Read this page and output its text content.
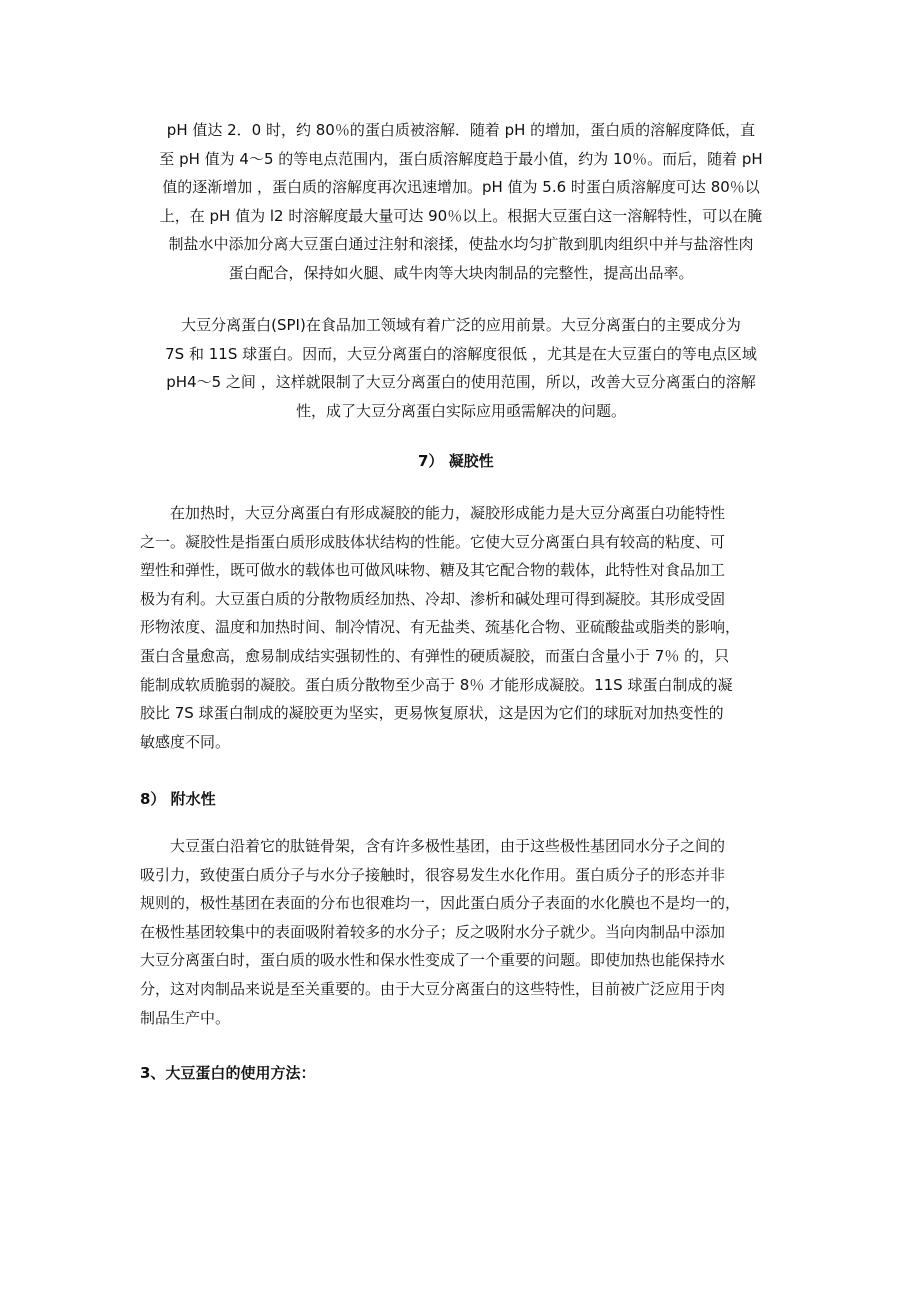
pH 值达 2．0 时，约 80％的蛋白质被溶解．随着 pH 的增加，蛋白质的溶解度降低，直
至 pH 值为 4～5 的等电点范围内，蛋白质溶解度趋于最小值，约为 10％。而后，随着 pH
值的逐渐增加 ，蛋白质的溶解度再次迅速增加。pH 值为 5.6 时蛋白质溶解度可达 80％以
上，在 pH 值为 l2 时溶解度最大量可达 90％以上。根据大豆蛋白这一溶解特性，可以在腌
制盐水中添加分离大豆蛋白通过注射和滚揉，使盐水均匀扩散到肌肉组织中并与盐溶性肉
蛋白配合，保持如火腿、咸牛肉等大块肉制品的完整性，提高出品率。
大豆分离蛋白(SPI)在食品加工领域有着广泛的应用前景。大豆分离蛋白的主要成分为
7S 和 11S 球蛋白。因而，大豆分离蛋白的溶解度很低 ，尤其是在大豆蛋白的等电点区域
pH4～5 之间 ，这样就限制了大豆分离蛋白的使用范围，所以，改善大豆分离蛋白的溶解
性，成了大豆分离蛋白实际应用亟需解决的问题。
7） 凝胶性
在加热时，大豆分离蛋白有形成凝胶的能力，凝胶形成能力是大豆分离蛋白功能特性
之一。凝胶性是指蛋白质形成肢体状结构的性能。它使大豆分离蛋白具有较高的粘度、可
塑性和弹性，既可做水的载体也可做风味物、糖及其它配合物的载体，此特性对食品加工
极为有利。大豆蛋白质的分散物质经加热、冷却、渗析和碱处理可得到凝胶。其形成受固
形物浓度、温度和加热时间、制冷情况、有无盐类、巯基化合物、亚硫酸盐或脂类的影响，
蛋白含量愈高，愈易制成结实强韧性的、有弹性的硬质凝胶，而蛋白含量小于 7％ 的，只
能制成软质脆弱的凝胶。蛋白质分散物至少高于 8％ 才能形成凝胶。11S 球蛋白制成的凝
胶比 7S 球蛋白制成的凝胶更为坚实，更易恢复原状，这是因为它们的球朊对加热变性的
敏感度不同。
8） 附水性
大豆蛋白沿着它的肽链骨架，含有许多极性基团，由于这些极性基团同水分子之间的
吸引力，致使蛋白质分子与水分子接触时，很容易发生水化作用。蛋白质分子的形态并非
规则的，极性基团在表面的分布也很难均一，因此蛋白质分子表面的水化膜也不是均一的，
在极性基团较集中的表面吸附着较多的水分子；反之吸附水分子就少。当向肉制品中添加
大豆分离蛋白时，蛋白质的吸水性和保水性变成了一个重要的问题。即使加热也能保持水
分，这对肉制品来说是至关重要的。由于大豆分离蛋白的这些特性，目前被广泛应用于肉
制品生产中。
3、大豆蛋白的使用方法：
